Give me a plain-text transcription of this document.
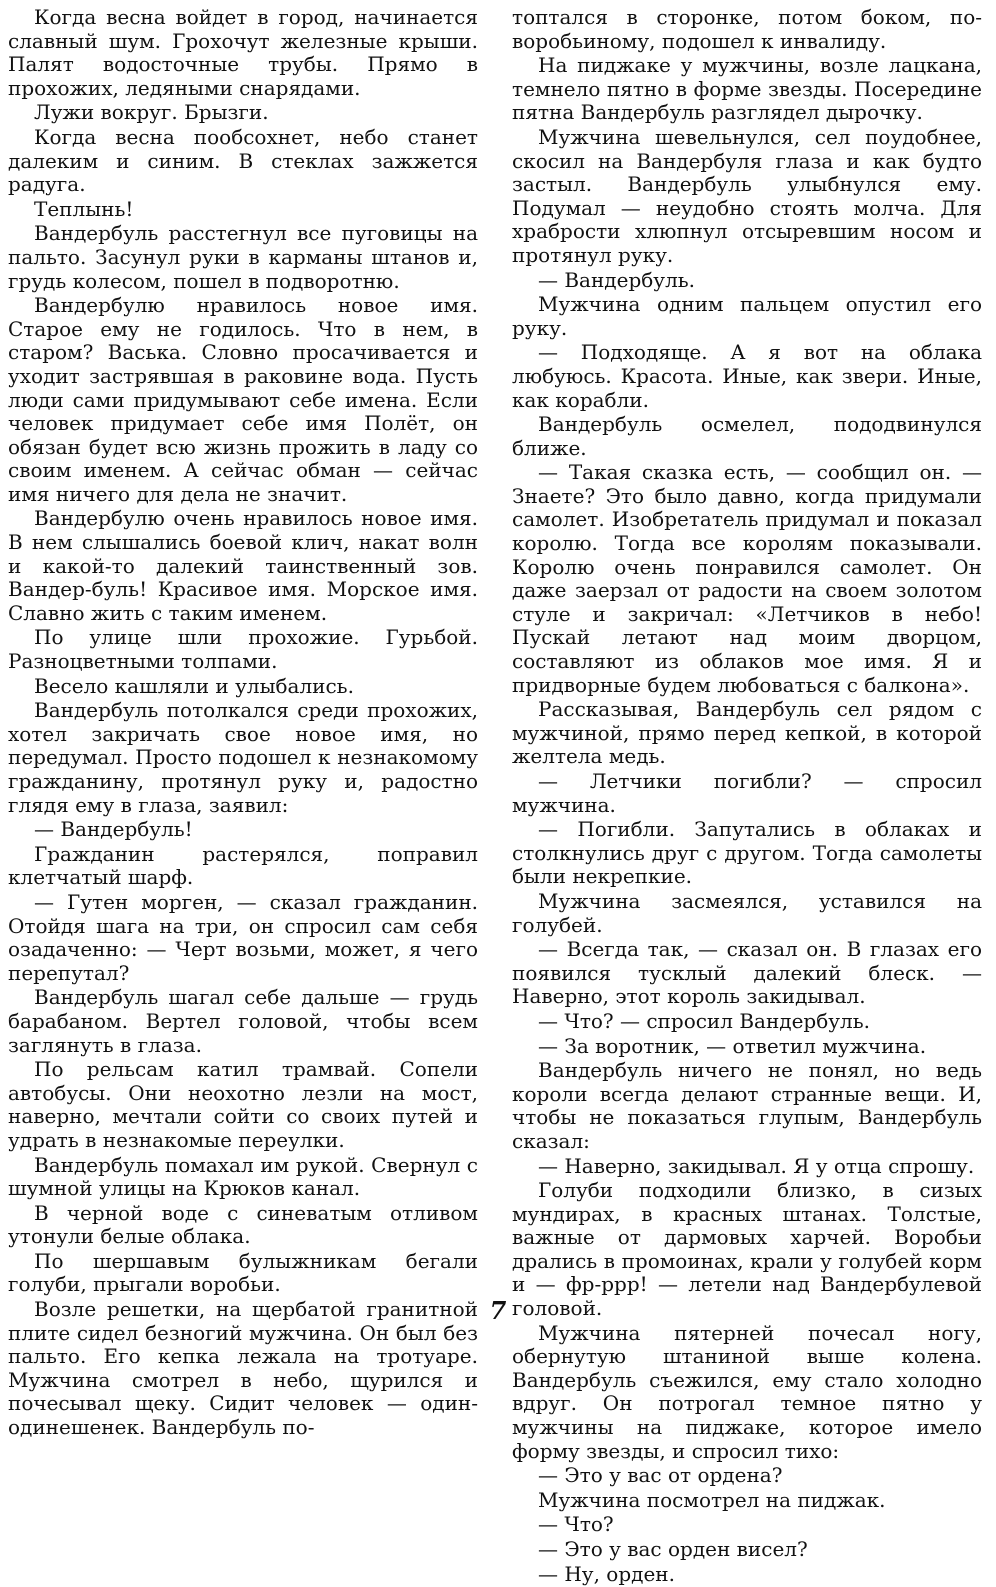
Когда весна войдет в город, начинается славный шум. Грохочут железные крыши. Палят водосточные трубы. Прямо в прохожих, ледяными снарядами.

Лужи вокруг. Брызги.

Когда весна пообсохнет, небо станет далеким и синим. В стеклах зажжется радуга.

Теплынь!

Вандербуль расстегнул все пуговицы на пальто. Засунул руки в карманы штанов и, грудь колесом, пошел в подворотню.

Вандербулю нравилось новое имя. Старое ему не годилось. Что в нем, в старом? Васька. Словно просачивается и уходит застрявшая в раковине вода. Пусть люди сами придумывают себе имена. Если человек придумает себе имя Полёт, он обязан будет всю жизнь прожить в ладу со своим именем. А сейчас обман — сейчас имя ничего для дела не значит.

Вандербулю очень нравилось новое имя. В нем слышались боевой клич, накат волн и какой-то далекий таинственный зов. Вандер-буль! Красивое имя. Морское имя. Славно жить с таким именем.

По улице шли прохожие. Гурьбой. Разноцветными толпами.

Весело кашляли и улыбались.

Вандербуль потолкался среди прохожих, хотел закричать свое новое имя, но передумал. Просто подошел к незнакомому гражданину, протянул руку и, радостно глядя ему в глаза, заявил:

— Вандербуль!

Гражданин растерялся, поправил клетчатый шарф.

— Гутен морген, — сказал гражданин. Отойдя шага на три, он спросил сам себя озадаченно: — Черт возьми, может, я чего перепутал?

Вандербуль шагал себе дальше — грудь барабаном. Вертел головой, чтобы всем заглянуть в глаза.

По рельсам катил трамвай. Сопели автобусы. Они неохотно лезли на мост, наверно, мечтали сойти со своих путей и удрать в незнакомые переулки.

Вандербуль помахал им рукой. Свернул с шумной улицы на Крюков канал.

В черной воде с синеватым отливом утонули белые облака.

По шершавым булыжникам бегали голуби, прыгали воробьи.

Возле решетки, на щербатой гранитной плите сидел безногий мужчина. Он был без пальто. Его кепка лежала на тротуаре. Мужчина смотрел в небо, щурился и почесывал щеку. Сидит человек — один-одинешенек. Вандербуль по-

топтался в сторонке, потом боком, по-воробьиному, подошел к инвалиду.

На пиджаке у мужчины, возле лацкана, темнело пятно в форме звезды. Посередине пятна Вандербуль разглядел дырочку.

Мужчина шевельнулся, сел поудобнее, скосил на Вандербуля глаза и как будто застыл. Вандербуль улыбнулся ему. Подумал — неудобно стоять молча. Для храбрости хлюпнул отсыревшим носом и протянул руку.

— Вандербуль.

Мужчина одним пальцем опустил его руку.

— Подходяще. А я вот на облака любуюсь. Красота. Иные, как звери. Иные, как корабли.

Вандербуль осмелел, пододвинулся ближе.

— Такая сказка есть, — сообщил он. — Знаете? Это было давно, когда придумали самолет. Изобретатель придумал и показал королю. Тогда все королям показывали. Королю очень понравился самолет. Он даже заерзал от радости на своем золотом стуле и закричал: «Летчиков в небо! Пускай летают над моим дворцом, составляют из облаков мое имя. Я и придворные будем любоваться с балкона».

Рассказывая, Вандербуль сел рядом с мужчиной, прямо перед кепкой, в которой желтела медь.

— Летчики погибли? — спросил мужчина.

— Погибли. Запутались в облаках и столкнулись друг с другом. Тогда самолеты были некрепкие.

Мужчина засмеялся, уставился на голубей.

— Всегда так, — сказал он. В глазах его появился тусклый далекий блеск. — Наверно, этот король закидывал.

— Что? — спросил Вандербуль.

— За воротник, — ответил мужчина.

Вандербуль ничего не понял, но ведь короли всегда делают странные вещи. И, чтобы не показаться глупым, Вандербуль сказал:

— Наверно, закидывал. Я у отца спрошу.

Голуби подходили близко, в сизых мундирах, в красных штанах. Толстые, важные от дармовых харчей. Воробьи дрались в промоинах, крали у голубей корм и — фр-ррр! — летели над Вандербулевой головой.

Мужчина пятерней почесал ногу, обернутую штаниной выше колена. Вандербуль съежился, ему стало холодно вдруг. Он потрогал темное пятно у мужчины на пиджаке, которое имело форму звезды, и спросил тихо:

— Это у вас от ордена?

Мужчина посмотрел на пиджак.

— Что?

— Это у вас орден висел?

— Ну, орден.

7
